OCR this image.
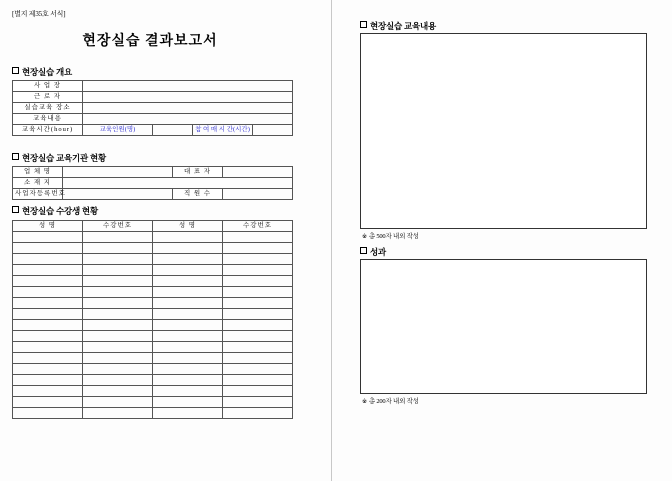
[별지 제35호 서식]
현장실습 결과보고서
현장실습 개요
사 업 장				
근 로 자				
실습교육 장소				
교육내용				
교육시간(hour)	교육인원(명)		참 여 매 시 간(시간)	
현장실습 교육기관 현황
업 체 명		대 표 자	
소 재 지			
사업자등록번호		직 원 수	
현장실습 수강생 현황
성 명	수강번호	성 명	수강번호

현장실습 교육내용
※ 총 500자 내외 작성
성과
※ 총 200자 내외 작성
